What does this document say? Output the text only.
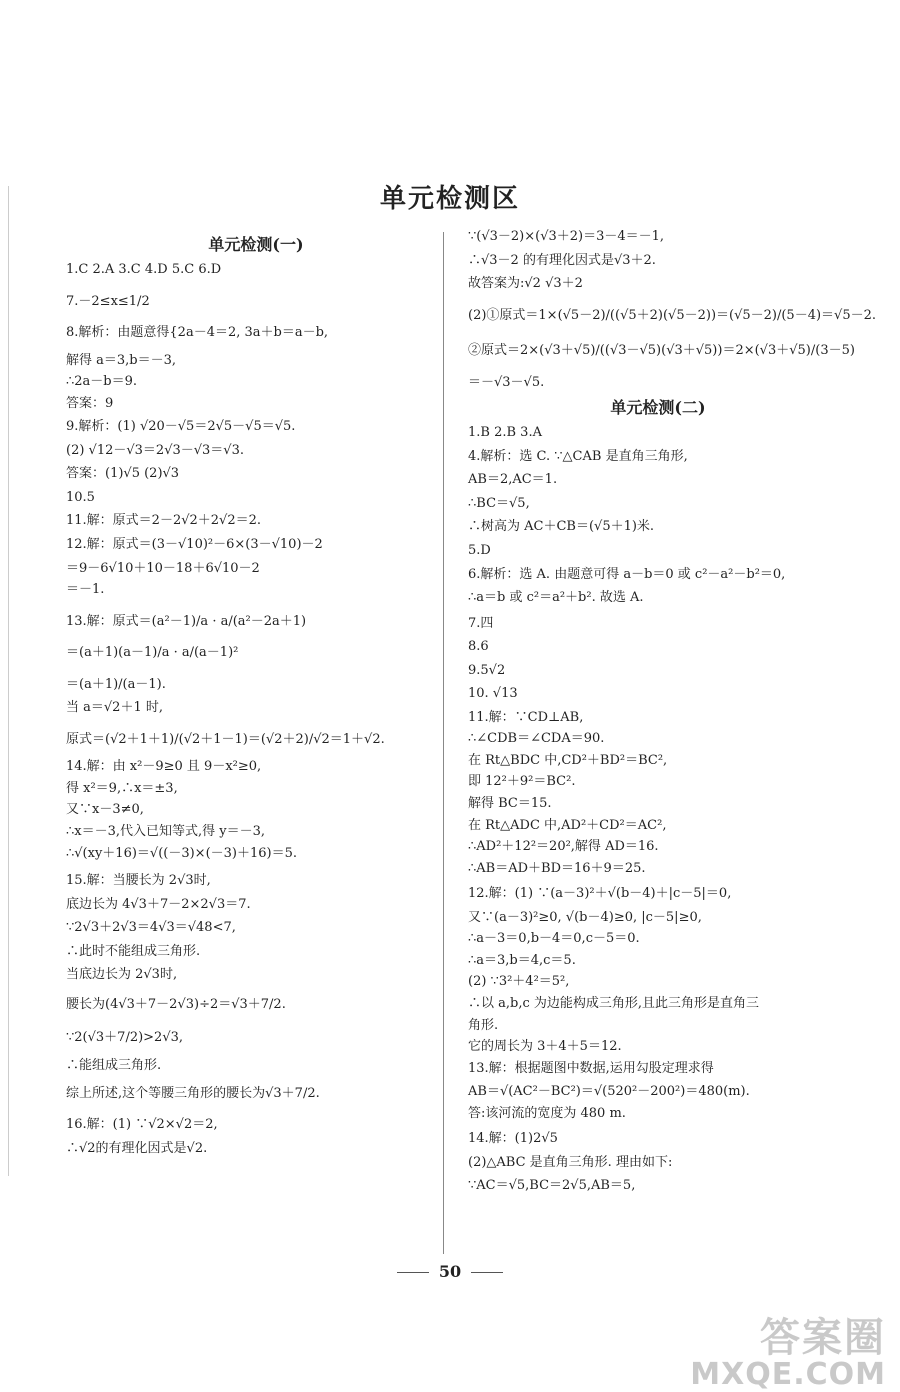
单元检测区
单元检测(一)
1.C 2.A 3.C 4.D 5.C 6.D
7.－2≤x≤1/2
8.解析：由题意得{2a－4＝2, 3a＋b＝a－b,
解得 a＝3,b＝－3,
∴2a－b＝9.
答案：9
9.解析：(1) √20－√5＝2√5－√5＝√5.
(2) √12－√3＝2√3－√3＝√3.
答案：(1)√5 (2)√3
10.5
11.解：原式＝2－2√2＋2√2＝2.
12.解：原式＝(3－√10)²－6×(3－√10)－2
＝9－6√10＋10－18＋6√10－2
＝－1.
13.解：原式＝(a²－1)/a · a/(a²－2a＋1)
＝(a＋1)(a－1)/a · a/(a－1)²
＝(a＋1)/(a－1).
当 a＝√2＋1 时,
原式＝(√2＋1＋1)/(√2＋1－1)＝(√2＋2)/√2＝1＋√2.
14.解：由 x²－9≥0 且 9－x²≥0,
得 x²＝9,∴x＝±3,
又∵x－3≠0,
∴x＝－3,代入已知等式,得 y＝－3,
∴√(xy＋16)＝√((－3)×(－3)＋16)＝5.
15.解：当腰长为 2√3时,
底边长为 4√3＋7－2×2√3＝7.
∵2√3＋2√3＝4√3＝√48<7,
∴此时不能组成三角形.
当底边长为 2√3时,
腰长为(4√3＋7－2√3)÷2＝√3＋7/2.
∵2(√3＋7/2)>2√3,
∴能组成三角形.
综上所述,这个等腰三角形的腰长为√3＋7/2.
16.解：(1) ∵√2×√2＝2,
∴√2的有理化因式是√2.
∵(√3－2)×(√3＋2)＝3－4＝－1,
∴√3－2 的有理化因式是√3＋2.
故答案为:√2 √3＋2
(2)①原式＝1×(√5－2)/((√5＋2)(√5－2))＝(√5－2)/(5－4)＝√5－2.
②原式＝2×(√3＋√5)/((√3－√5)(√3＋√5))＝2×(√3＋√5)/(3－5)
＝－√3－√5.
单元检测(二)
1.B 2.B 3.A
4.解析：选 C. ∵△CAB 是直角三角形,
AB＝2,AC＝1.
∴BC＝√5,
∴树高为 AC＋CB＝(√5＋1)米.
5.D
6.解析：选 A. 由题意可得 a－b＝0 或 c²－a²－b²＝0,
∴a＝b 或 c²＝a²＋b². 故选 A.
7.四
8.6
9.5√2
10. √13
11.解：∵CD⊥AB,
∴∠CDB＝∠CDA＝90.
在 Rt△BDC 中,CD²＋BD²＝BC²,
即 12²＋9²＝BC².
解得 BC＝15.
在 Rt△ADC 中,AD²＋CD²＝AC²,
∴AD²＋12²＝20²,解得 AD＝16.
∴AB＝AD＋BD＝16＋9＝25.
12.解：(1) ∵(a－3)²＋√(b－4)＋|c－5|＝0,
又∵(a－3)²≥0, √(b－4)≥0, |c－5|≥0,
∴a－3＝0,b－4＝0,c－5＝0.
∴a＝3,b＝4,c＝5.
(2) ∵3²＋4²＝5²,
∴以 a,b,c 为边能构成三角形,且此三角形是直角三
角形.
它的周长为 3＋4＋5＝12.
13.解：根据题图中数据,运用勾股定理求得
AB＝√(AC²－BC²)＝√(520²－200²)＝480(m).
答:该河流的宽度为 480 m.
14.解：(1)2√5
(2)△ABC 是直角三角形. 理由如下:
∵AC＝√5,BC＝2√5,AB＝5,
50
答案圈
MXQE.COM
